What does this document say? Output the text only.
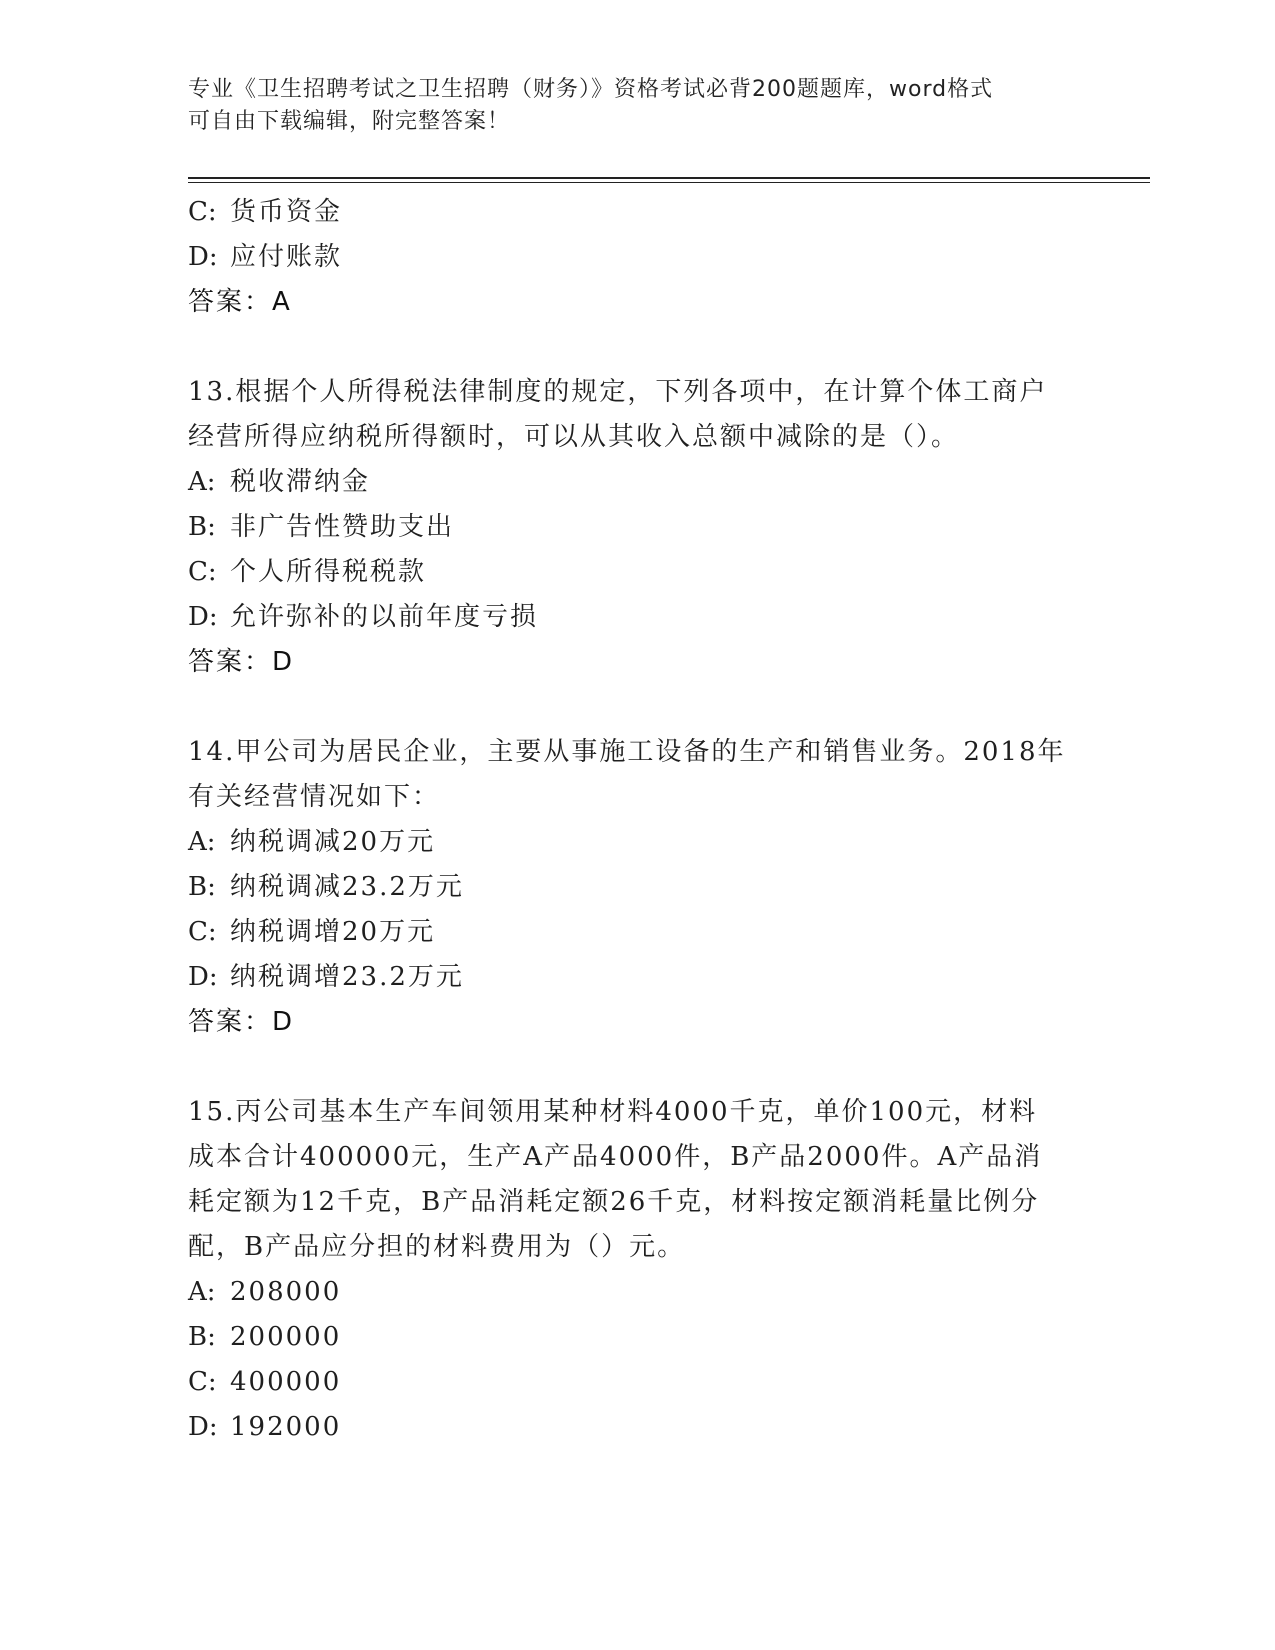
专业《卫生招聘考试之卫生招聘（财务）》资格考试必背200题题库，word格式
可自由下载编辑，附完整答案！
C: 货币资金
D: 应付账款
答案：A
13.根据个人所得税法律制度的规定，下列各项中，在计算个体工商户
经营所得应纳税所得额时，可以从其收入总额中减除的是（）。
A: 税收滞纳金
B: 非广告性赞助支出
C: 个人所得税税款
D: 允许弥补的以前年度亏损
答案：D
14.甲公司为居民企业，主要从事施工设备的生产和销售业务。2018年
有关经营情况如下：
A: 纳税调减20万元
B: 纳税调减23.2万元
C: 纳税调增20万元
D: 纳税调增23.2万元
答案：D
15.丙公司基本生产车间领用某种材料4000千克，单价100元，材料
成本合计400000元，生产A产品4000件，B产品2000件。A产品消
耗定额为12千克，B产品消耗定额26千克，材料按定额消耗量比例分
配，B产品应分担的材料费用为（）元。
A: 208000
B: 200000
C: 400000
D: 192000
